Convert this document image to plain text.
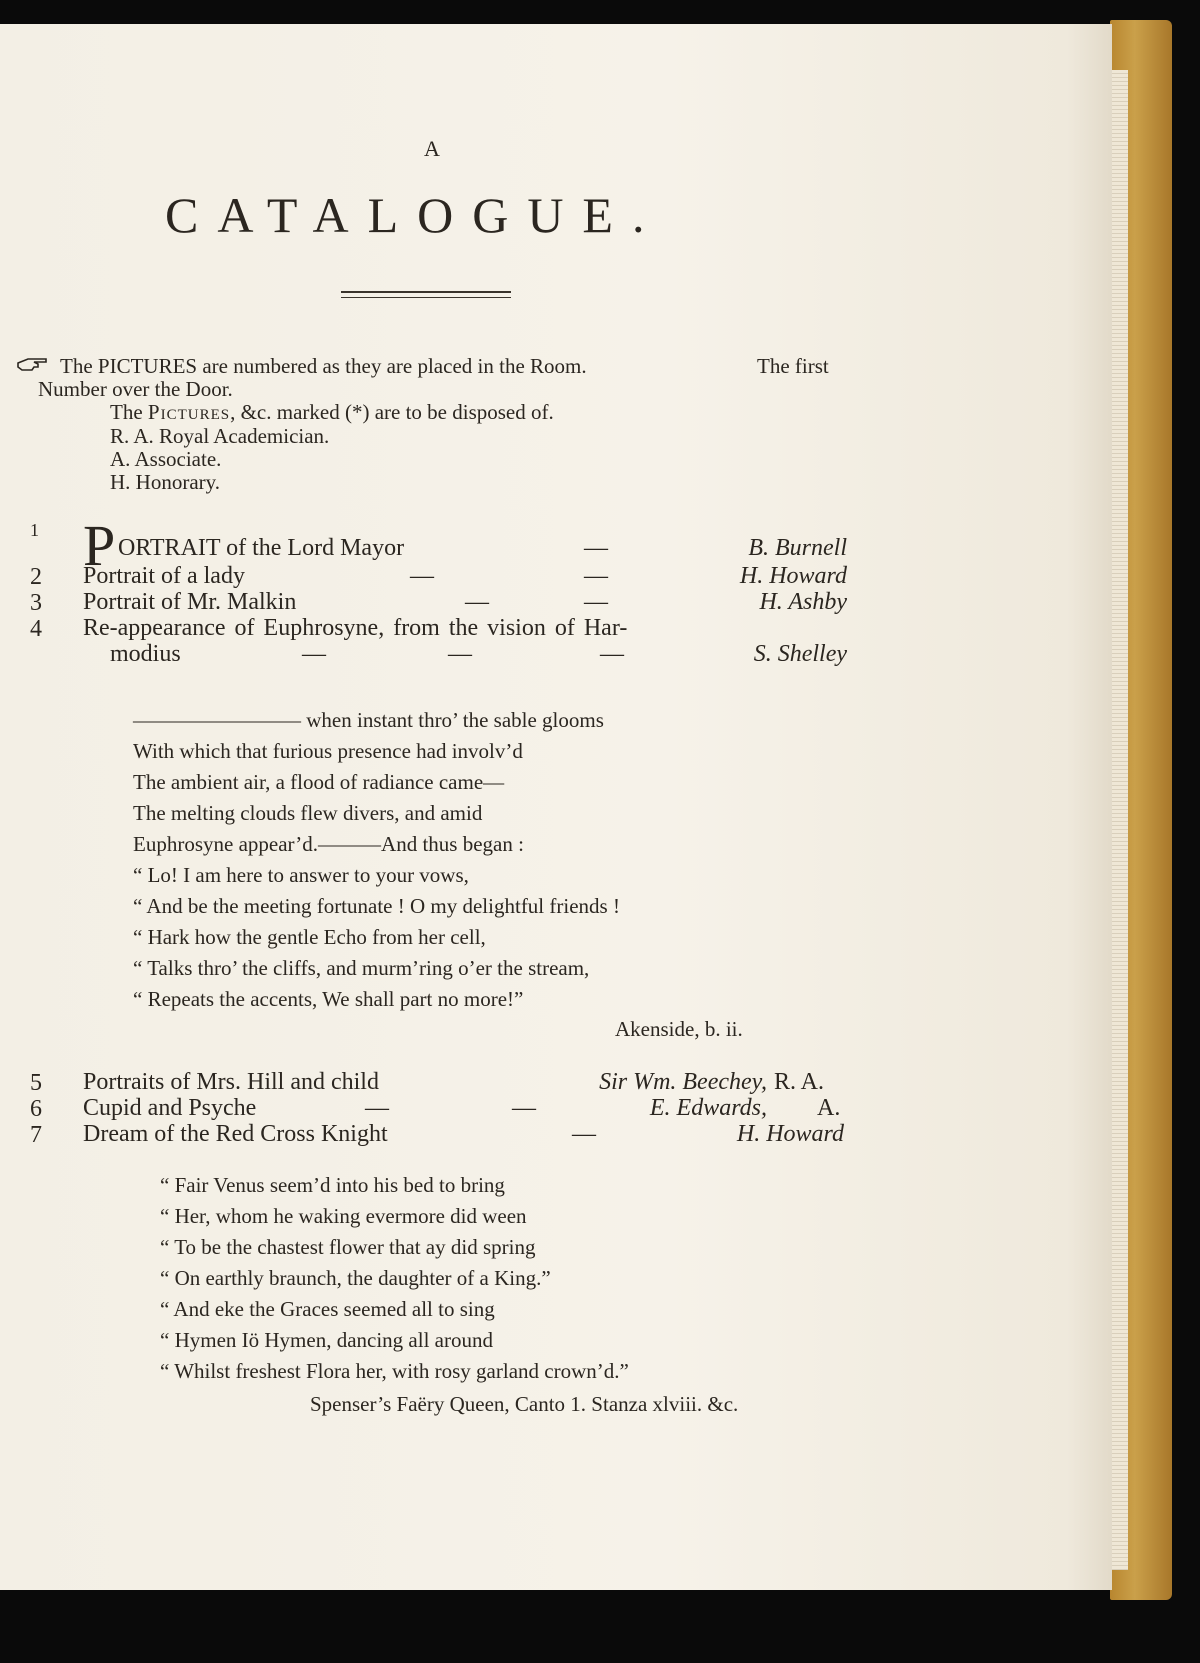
A
CATALOGUE.
The PICTURES are numbered as they are placed in the Room.	The first
Number over the Door.
The Pictures, &c. marked (*) are to be disposed of.
R. A. Royal Academician.
A. Associate.
H. Honorary.
1 P ORTRAIT of the Lord Mayor	—	B. Burnell
2 Portrait of a lady	—	—	H. Howard
3 Portrait of Mr. Malkin	—	—	H. Ashby
4 Re-appearance of Euphrosyne, from the vision of Har-
modius	—	—	—	S. Shelley
———————— when instant thro’ the sable glooms
With which that furious presence had involv’d
The ambient air, a flood of radiance came—
The melting clouds flew divers, and amid
Euphrosyne appear’d.———And thus began :
“ Lo! I am here to answer to your vows,
“ And be the meeting fortunate ! O my delightful friends !
“ Hark how the gentle Echo from her cell,
“ Talks thro’ the cliffs, and murm’ring o’er the stream,
“ Repeats the accents, We shall part no more!”
Akenside, b. ii.
5 Portraits of Mrs. Hill and child	Sir Wm. Beechey, R. A.
6 Cupid and Psyche	—	—	E. Edwards, A.
7 Dream of the Red Cross Knight	—	H. Howard
“ Fair Venus seem’d into his bed to bring
“ Her, whom he waking evermore did ween
“ To be the chastest flower that ay did spring
“ On earthly braunch, the daughter of a King.”
“ And eke the Graces seemed all to sing
“ Hymen Iö Hymen, dancing all around
“ Whilst freshest Flora her, with rosy garland crown’d.”
Spenser’s Faëry Queen, Canto 1. Stanza xlviii. &c.
